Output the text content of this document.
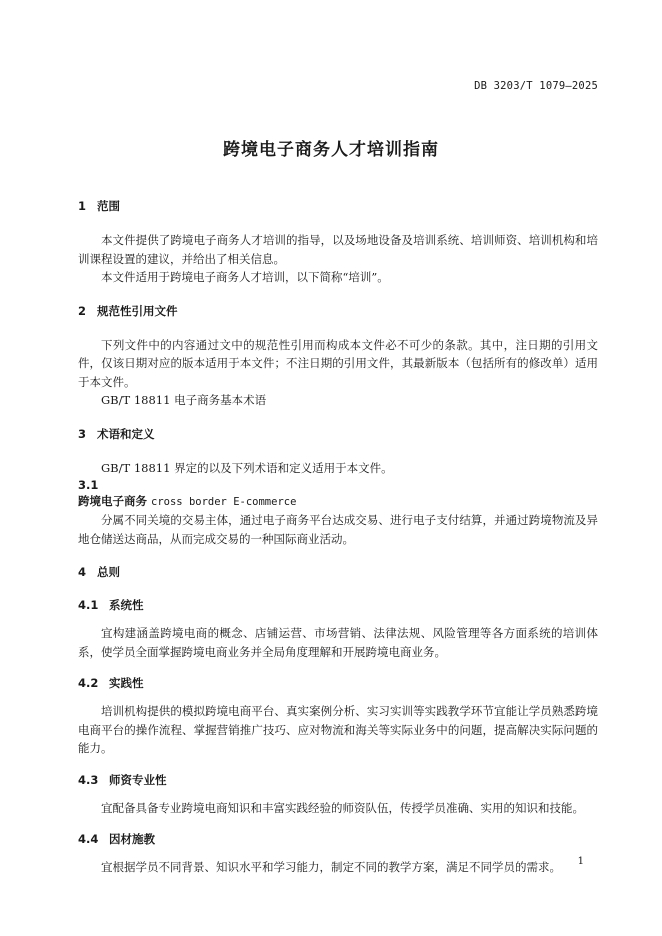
DB 3203/T 1079—2025
跨境电子商务人才培训指南
1 范围

本文件提供了跨境电子商务人才培训的指导，以及场地设备及培训系统、培训师资、培训机构和培训课程设置的建议，并给出了相关信息。

本文件适用于跨境电子商务人才培训，以下简称“培训”。

2 规范性引用文件

下列文件中的内容通过文中的规范性引用而构成本文件必不可少的条款。其中，注日期的引用文件，仅该日期对应的版本适用于本文件；不注日期的引用文件，其最新版本（包括所有的修改单）适用于本文件。

GB/T 18811 电子商务基本术语

3 术语和定义

GB/T 18811 界定的以及下列术语和定义适用于本文件。

3.1
跨境电子商务 cross border E-commerce

分属不同关境的交易主体，通过电子商务平台达成交易、进行电子支付结算，并通过跨境物流及异地仓储送达商品，从而完成交易的一种国际商业活动。

4 总则
4.1 系统性

宜构建涵盖跨境电商的概念、店铺运营、市场营销、法律法规、风险管理等各方面系统的培训体系，使学员全面掌握跨境电商业务并全局角度理解和开展跨境电商业务。

4.2 实践性

培训机构提供的模拟跨境电商平台、真实案例分析、实习实训等实践教学环节宜能让学员熟悉跨境电商平台的操作流程、掌握营销推广技巧、应对物流和海关等实际业务中的问题，提高解决实际问题的能力。

4.3 师资专业性

宜配备具备专业跨境电商知识和丰富实践经验的师资队伍，传授学员准确、实用的知识和技能。

4.4 因材施教

宜根据学员不同背景、知识水平和学习能力，制定不同的教学方案，满足不同学员的需求。	1
